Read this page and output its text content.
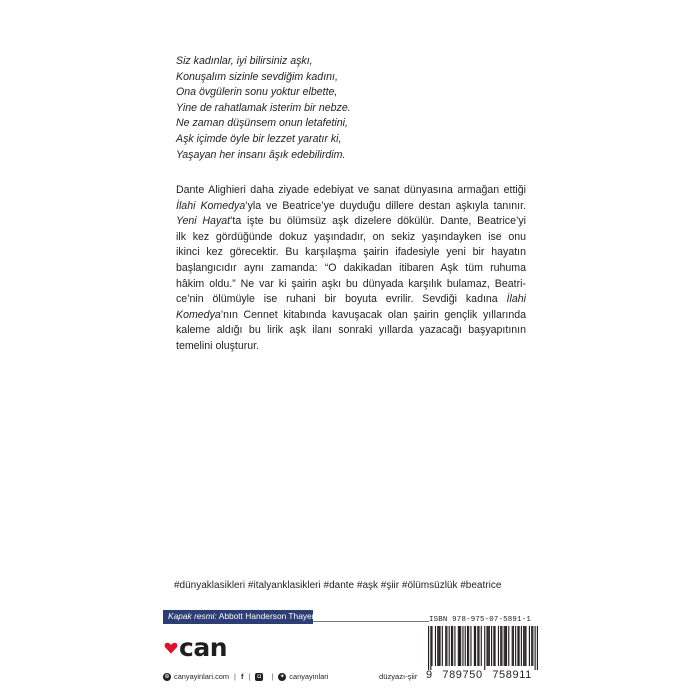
Siz kadınlar, iyi bilirsiniz aşkı,
Konuşalım sizinle sevdiğim kadını,
Ona övgülerin sonu yoktur elbette,
Yine de rahatlamak isterim bir nebze.
Ne zaman düşünsem onun letafetini,
Aşk içimde öyle bir lezzet yaratır ki,
Yaşayan her insanı âşık edebilirdim.
Dante Alighieri daha ziyade edebiyat ve sanat dünyasına armağan ettiği
İlahi Komedya’yla ve Beatrice’ye duyduğu dillere destan aşkıyla tanınır.
Yeni Hayat’ta işte bu ölümsüz aşk dizelere dökülür. Dante, Beatrice’yi
ilk kez gördüğünde dokuz yaşındadır, on sekiz yaşındayken ise onu
ikinci kez görecektir. Bu karşılaşma şairin ifadesiyle yeni bir hayatın
başlangıcıdır aynı zamanda: “O dakikadan itibaren Aşk tüm ruhuma
hâkim oldu.” Ne var ki şairin aşkı bu dünyada karşılık bulamaz, Beatri-
ce’nin ölümüyle ise ruhani bir boyuta evrilir. Sevdiği kadına İlahi
Komedya’nın Cennet kitabında kavuşacak olan şairin gençlik yıllarında
kaleme aldığı bu lirik aşk ilanı sonraki yıllarda yazacağı başyapıtının
temelini oluşturur.
#dünyaklasikleri #italyanklasikleri #dante #aşk #şiir #ölümsüzlük #beatrice
Kapak resmi: Abbott Handerson Thayer
can
⊕ canyayinlari.com | f |	◘ | ✦ canyayinlari	düzyazı-şiir
ISBN 978-975-07-5891-1
9 789750 758911
